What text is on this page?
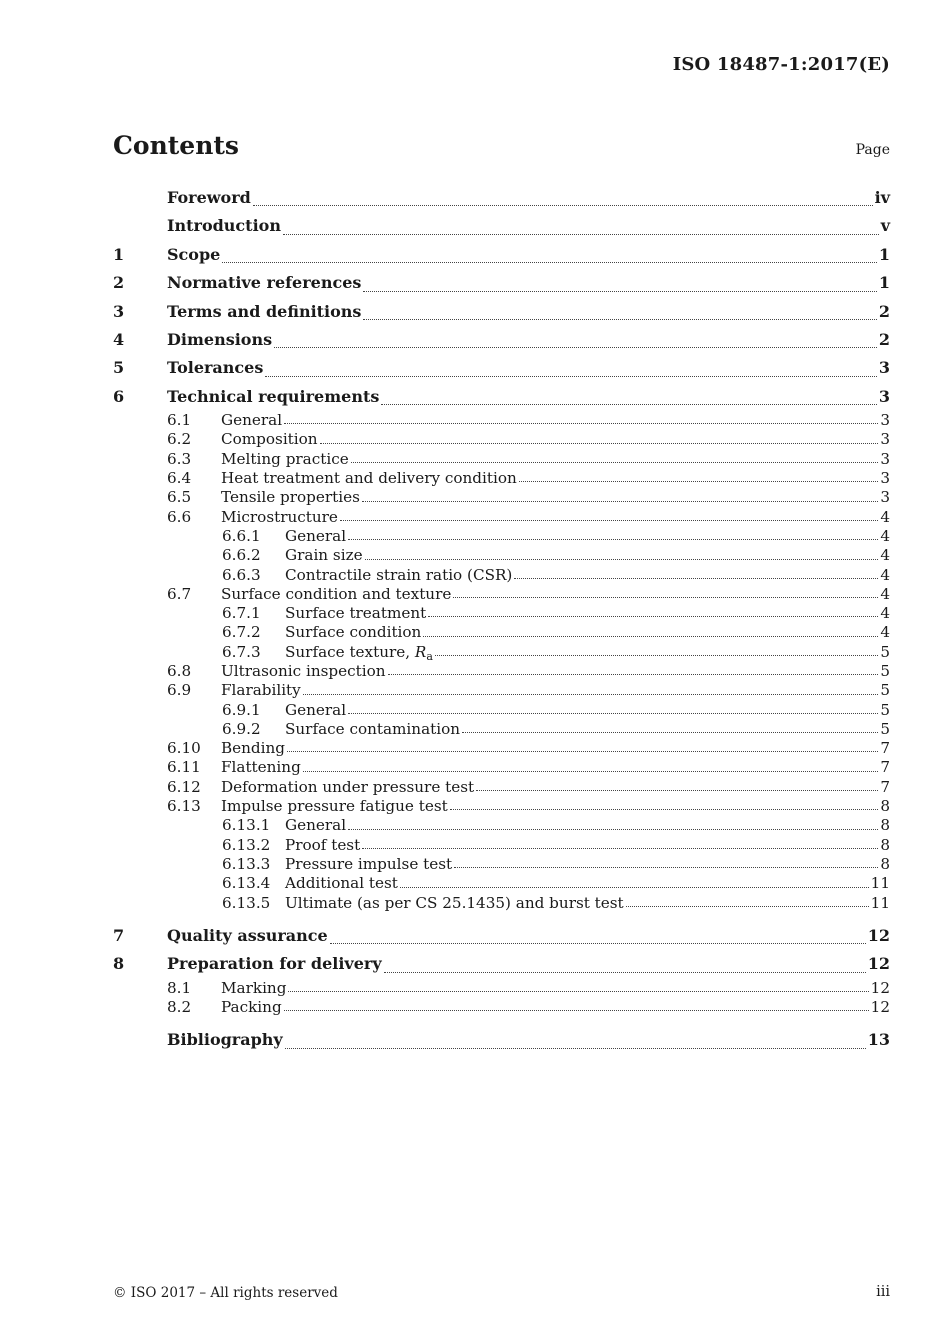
ISO 18487-1:2017(E)
Contents	Page
Foreword	iv
Introduction	v
1	Scope	1
2	Normative references	1
3	Terms and definitions	2
4	Dimensions	2
5	Tolerances	3
6	Technical requirements	3
6.1	General	3
6.2	Composition	3
6.3	Melting practice	3
6.4	Heat treatment and delivery condition	3
6.5	Tensile properties	3
6.6	Microstructure	4
6.6.1	General	4
6.6.2	Grain size	4
6.6.3	Contractile strain ratio (CSR)	4
6.7	Surface condition and texture	4
6.7.1	Surface treatment	4
6.7.2	Surface condition	4
6.7.3	Surface texture, $R_a$	5
6.8	Ultrasonic inspection	5
6.9	Flarability	5
6.9.1	General	5
6.9.2	Surface contamination	5
6.10	Bending	7
6.11	Flattening	7
6.12	Deformation under pressure test	7
6.13	Impulse pressure fatigue test	8
6.13.1 General	8
6.13.2 Proof test	8
6.13.3 Pressure impulse test	8
6.13.4 Additional test	11
6.13.5 Ultimate (as per CS 25.1435) and burst test	11
7	Quality assurance	12
8	Preparation for delivery	12
8.1	Marking	12
8.2	Packing	12
Bibliography	13
© ISO 2017 – All rights reserved	iii
